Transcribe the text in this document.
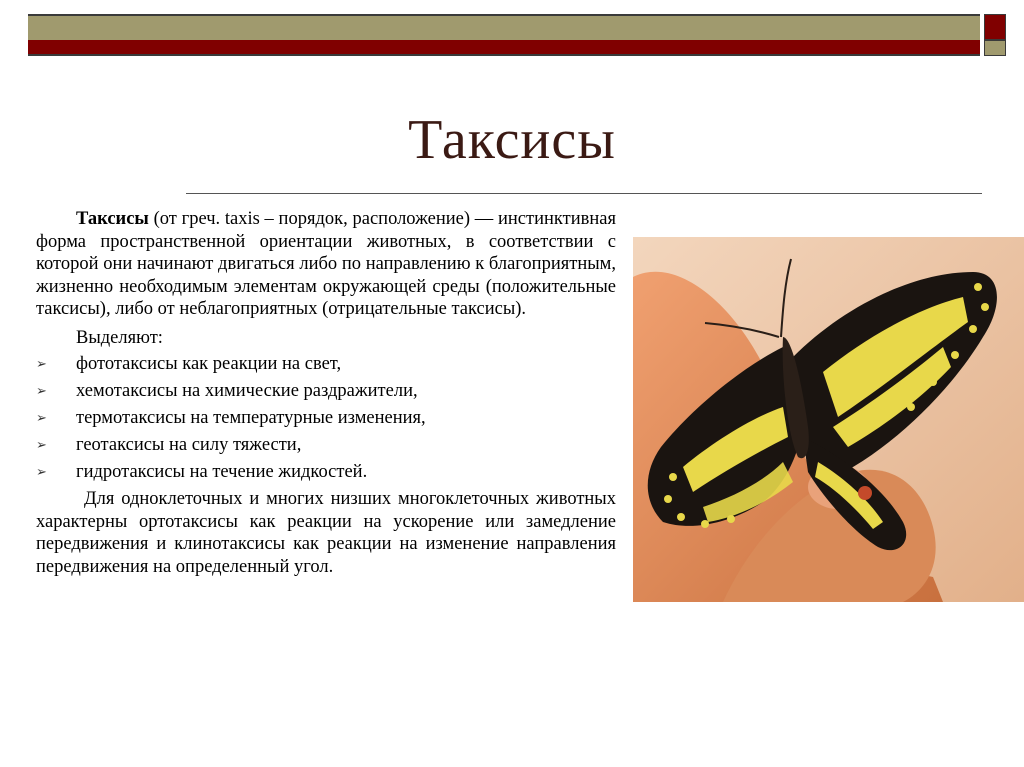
Таксисы

Таксисы (от греч. taxis – порядок, расположение) — инстинктивная форма пространственной ориентации животных, в соответствии с которой они начинают двигаться либо по направлению к благоприятным, жизненно необходимым элементам окружающей среды (положительные таксисы), либо от неблагоприятных (отрицательные таксисы).

Выделяют:

➢ фототаксисы как реакции на свет,
➢ хемотаксисы на химические раздражители,
➢ термотаксисы на температурные изменения,
➢ геотаксисы на силу тяжести,
➢ гидротаксисы на течение жидкостей.

Для одноклеточных и многих низших многоклеточных животных характерны ортотаксисы как реакции на ускорение или замедление передвижения и клинотаксисы как реакции на изменение направления передвижения на определенный угол.
